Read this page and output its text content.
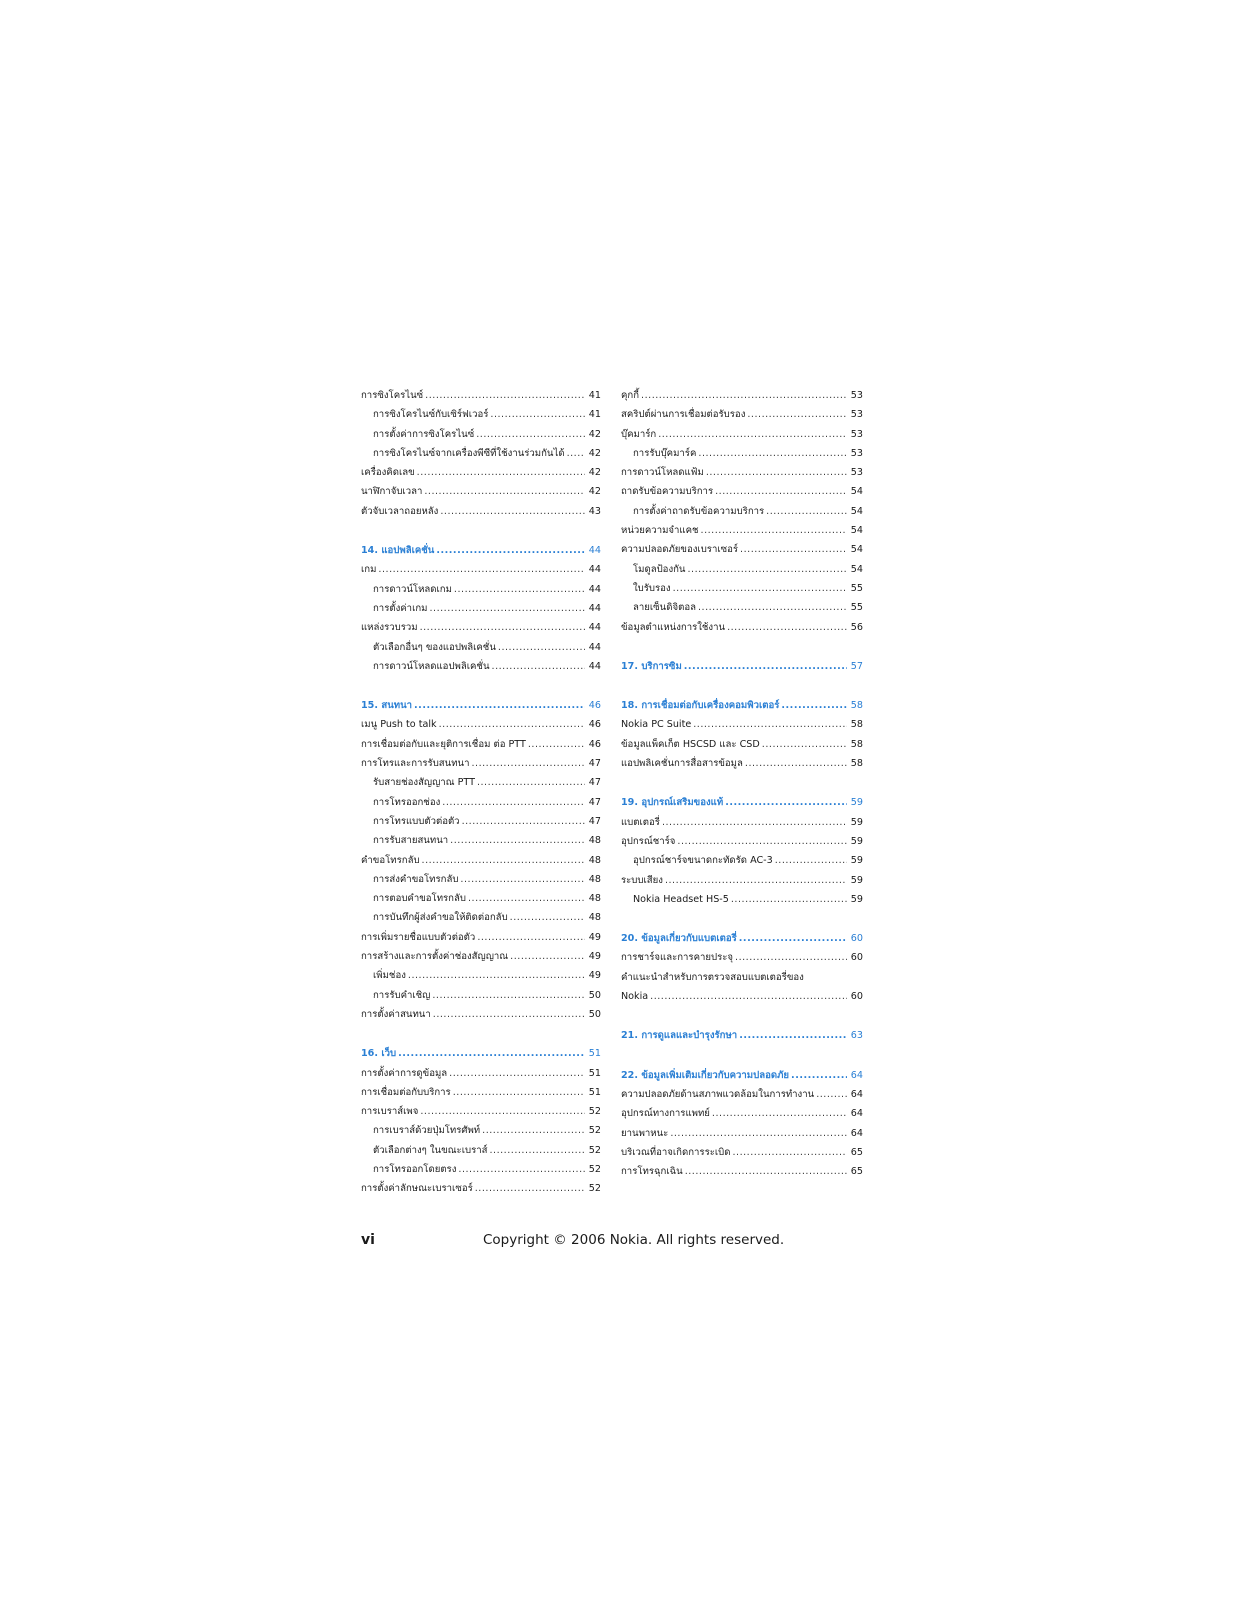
การซิงโครไนซ์ .....	41
การซิงโครไนซ์กับเซิร์ฟเวอร์ .....	41
การตั้งค่าการซิงโครไนซ์ .....	42
การซิงโครไนซ์จากเครื่องพีซีที่ใช้งานร่วมกันได้ .....	42
เครื่องคิดเลข .....	42
นาฬิกาจับเวลา .....	42
ตัวจับเวลาถอยหลัง .....	43
14. แอปพลิเคชั่น .....	44
เกม .....	44
การดาวน์โหลดเกม .....	44
การตั้งค่าเกม .....	44
แหล่งรวบรวม .....	44
ตัวเลือกอื่นๆ ของแอปพลิเคชั่น .....	44
การดาวน์โหลดแอปพลิเคชั่น .....	44
15. สนทนา .....	46
เมนู Push to talk .....	46
การเชื่อมต่อกับและยุติการเชื่อม ต่อ PTT .....	46
การโทรและการรับสนทนา .....	47
รับสายช่องสัญญาณ PTT .....	47
การโทรออกช่อง .....	47
การโทรแบบตัวต่อตัว .....	47
การรับสายสนทนา .....	48
คำขอโทรกลับ .....	48
การส่งคำขอโทรกลับ .....	48
การตอบคำขอโทรกลับ .....	48
การบันทึกผู้ส่งคำขอให้ติดต่อกลับ .....	48
การเพิ่มรายชื่อแบบตัวต่อตัว .....	49
การสร้างและการตั้งค่าช่องสัญญาณ .....	49
เพิ่มช่อง .....	49
การรับคำเชิญ .....	50
การตั้งค่าสนทนา .....	50
16. เว็บ .....	51
การตั้งค่าการดูข้อมูล .....	51
การเชื่อมต่อกับบริการ .....	51
การเบราส์เพจ .....	52
การเบราส์ด้วยปุ่มโทรศัพท์ .....	52
ตัวเลือกต่างๆ ในขณะเบราส์ .....	52
การโทรออกโดยตรง .....	52
การตั้งค่าลักษณะเบราเซอร์ .....	52
คุกกี้ .....	53
สคริปต์ผ่านการเชื่อมต่อรับรอง .....	53
บุ๊คมาร์ก .....	53
การรับบุ๊คมาร์ค .....	53
การดาวน์โหลดแฟ้ม .....	53
ถาดรับข้อความบริการ .....	54
การตั้งค่าถาดรับข้อความบริการ .....	54
หน่วยความจำแคช .....	54
ความปลอดภัยของเบราเซอร์ .....	54
โมดูลป้องกัน .....	54
ใบรับรอง .....	55
ลายเซ็นดิจิตอล .....	55
ข้อมูลตำแหน่งการใช้งาน .....	56
17. บริการซิม .....	57
18. การเชื่อมต่อกับเครื่องคอมพิวเตอร์ .....	58
Nokia PC Suite .....	58
ข้อมูลแพ็คเก็ต HSCSD และ CSD .....	58
แอปพลิเคชั่นการสื่อสารข้อมูล .....	58
19. อุปกรณ์เสริมของแท้ .....	59
แบตเตอรี่ .....	59
อุปกรณ์ชาร์จ .....	59
อุปกรณ์ชาร์จขนาดกะทัดรัด AC-3 .....	59
ระบบเสียง .....	59
Nokia Headset HS-5 .....	59
20. ข้อมูลเกี่ยวกับแบตเตอรี่ .....	60
การชาร์จและการคายประจุ .....	60
คำแนะนำสำหรับการตรวจสอบแบตเตอรี่ของ
Nokia .....	60
21. การดูแลและบำรุงรักษา .....	63
22. ข้อมูลเพิ่มเติมเกี่ยวกับความปลอดภัย .....	64
ความปลอดภัยด้านสภาพแวดล้อมในการทำงาน .....	64
อุปกรณ์ทางการแพทย์ .....	64
ยานพาหนะ .....	64
บริเวณที่อาจเกิดการระเบิด .....	65
การโทรฉุกเฉิน .....	65
vi	Copyright © 2006 Nokia. All rights reserved.
